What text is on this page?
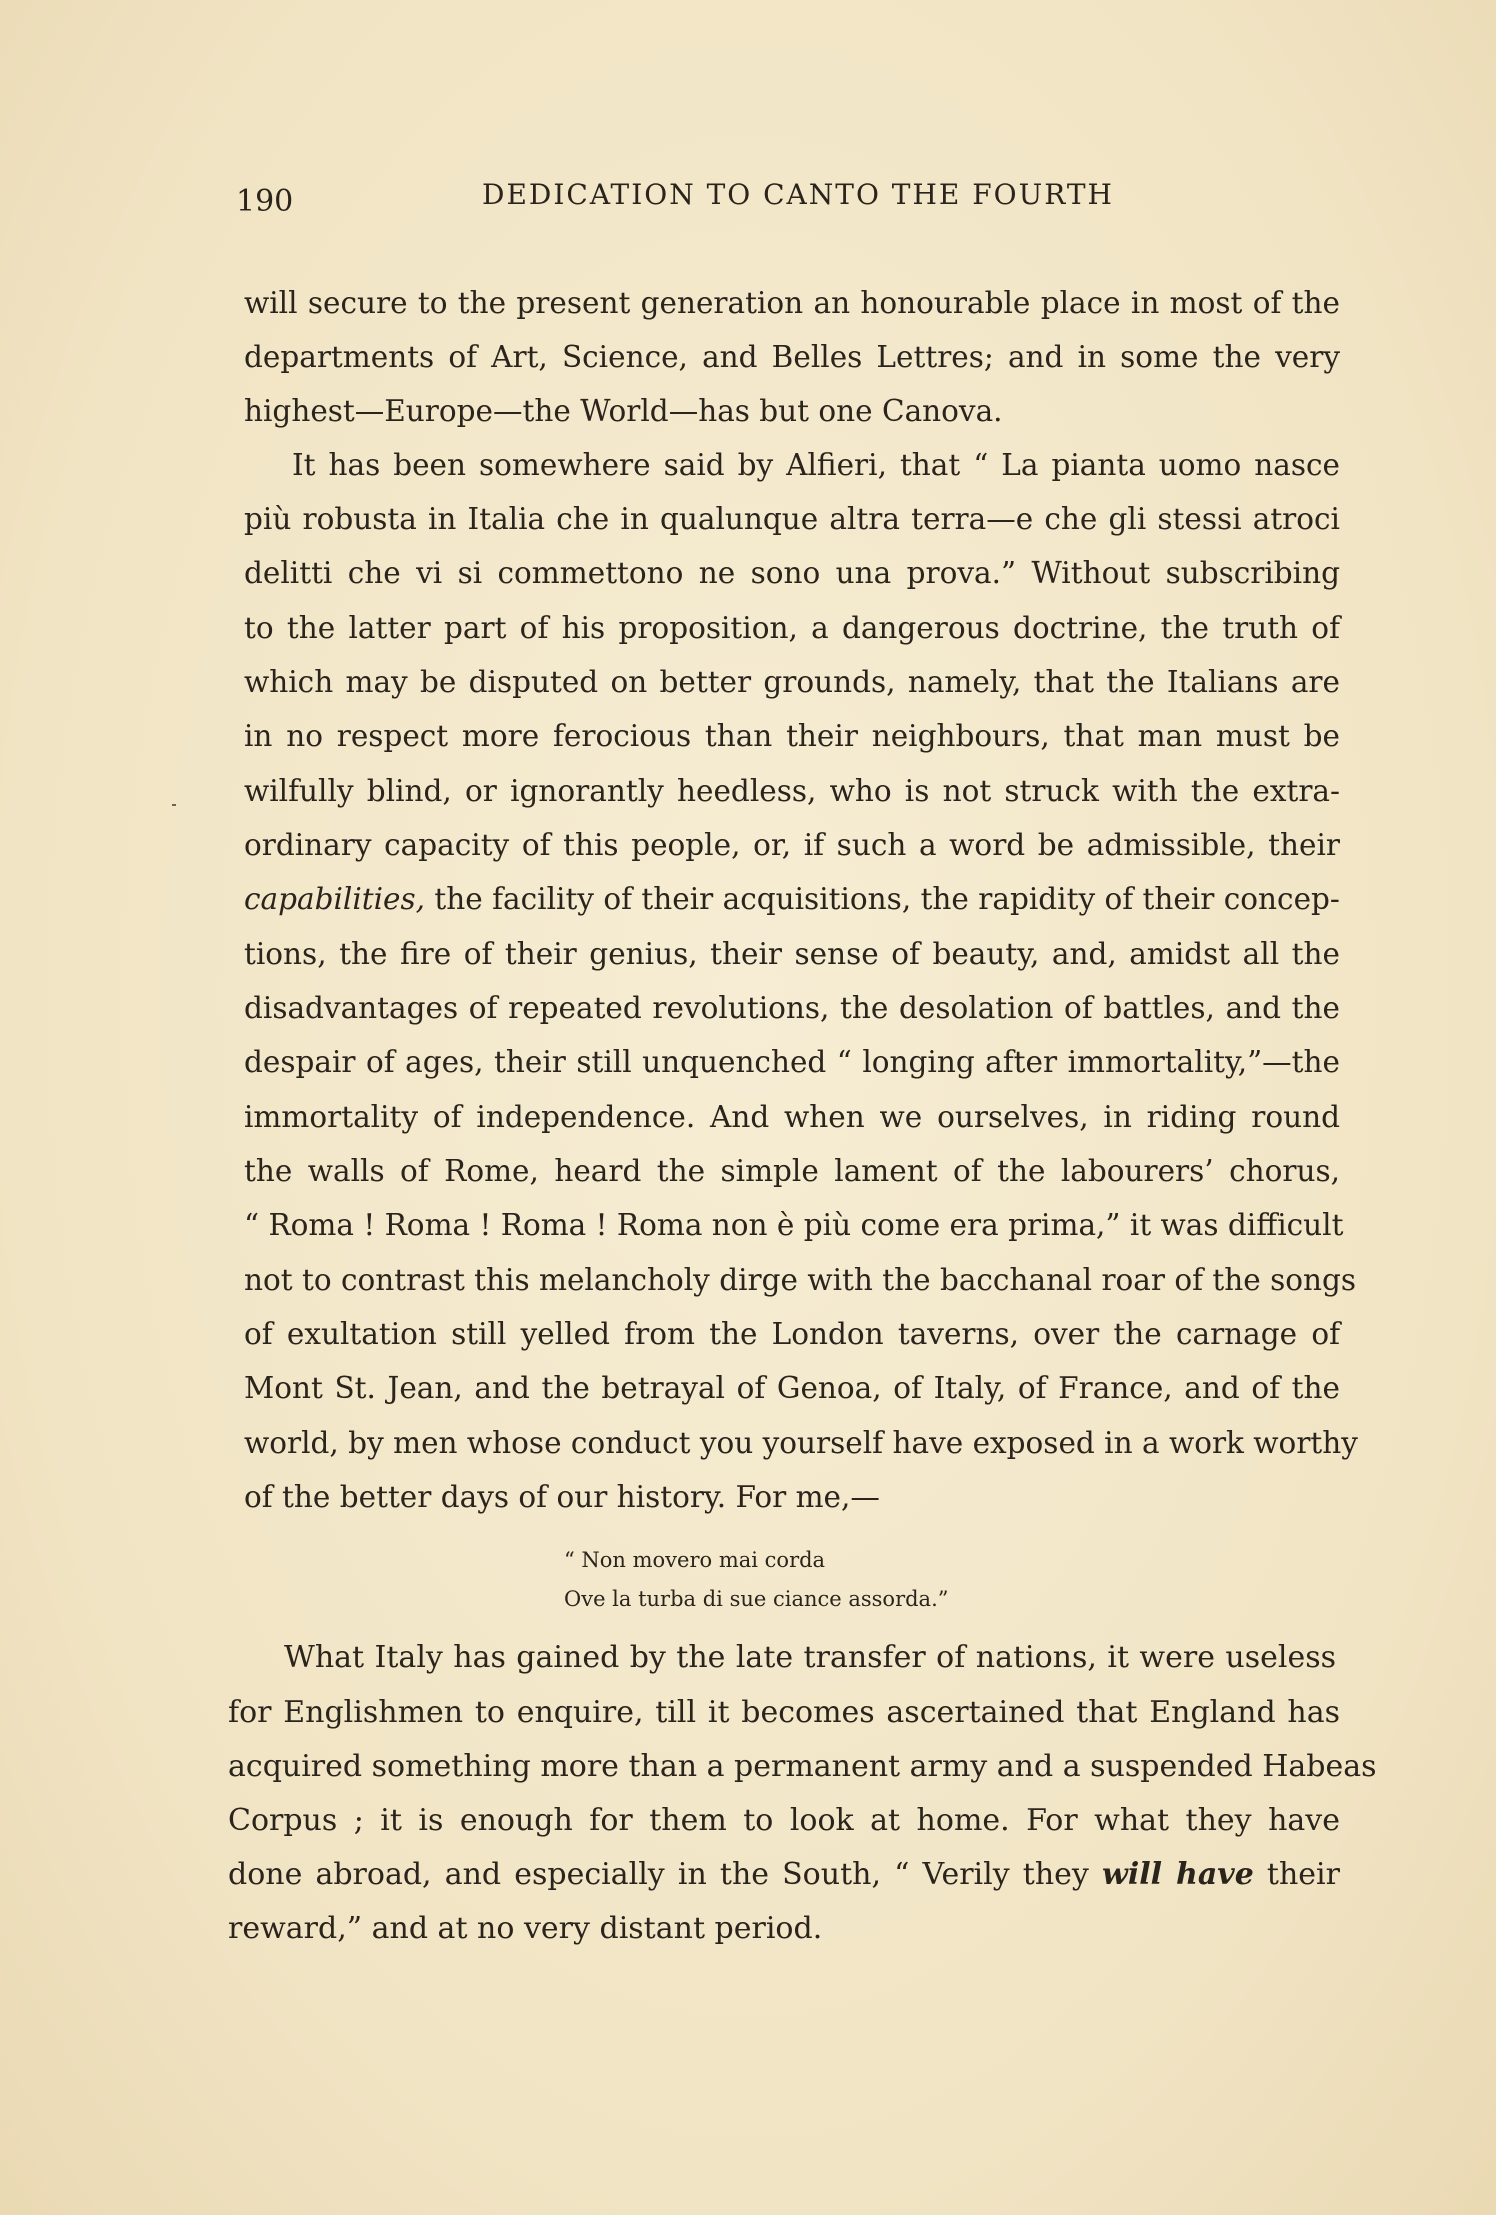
190	DEDICATION TO CANTO THE FOURTH
will secure to the present generation an honourable place in most of the
departments of Art, Science, and Belles Lettres; and in some the very
highest—Europe—the World—has but one Canova.
It has been somewhere said by Alfieri, that “ La pianta uomo nasce
più robusta in Italia che in qualunque altra terra—e che gli stessi atroci
delitti che vi si commettono ne sono una prova.” Without subscribing
to the latter part of his proposition, a dangerous doctrine, the truth of
which may be disputed on better grounds, namely, that the Italians are
in no respect more ferocious than their neighbours, that man must be
wilfully blind, or ignorantly heedless, who is not struck with the extra-
ordinary capacity of this people, or, if such a word be admissible, their
capabilities, the facility of their acquisitions, the rapidity of their concep-
tions, the fire of their genius, their sense of beauty, and, amidst all the
disadvantages of repeated revolutions, the desolation of battles, and the
despair of ages, their still unquenched “ longing after immortality,”—the
immortality of independence. And when we ourselves, in riding round
the walls of Rome, heard the simple lament of the labourers’ chorus,
“ Roma ! Roma ! Roma ! Roma non è più come era prima,” it was difficult
not to contrast this melancholy dirge with the bacchanal roar of the songs
of exultation still yelled from the London taverns, over the carnage of
Mont St. Jean, and the betrayal of Genoa, of Italy, of France, and of the
world, by men whose conduct you yourself have exposed in a work worthy
of the better days of our history. For me,—
“ Non movero mai corda
Ove la turba di sue ciance assorda.”
What Italy has gained by the late transfer of nations, it were useless
for Englishmen to enquire, till it becomes ascertained that England has
acquired something more than a permanent army and a suspended Habeas
Corpus ; it is enough for them to look at home. For what they have
done abroad, and especially in the South, “ Verily they will have their
reward,” and at no very distant period.
